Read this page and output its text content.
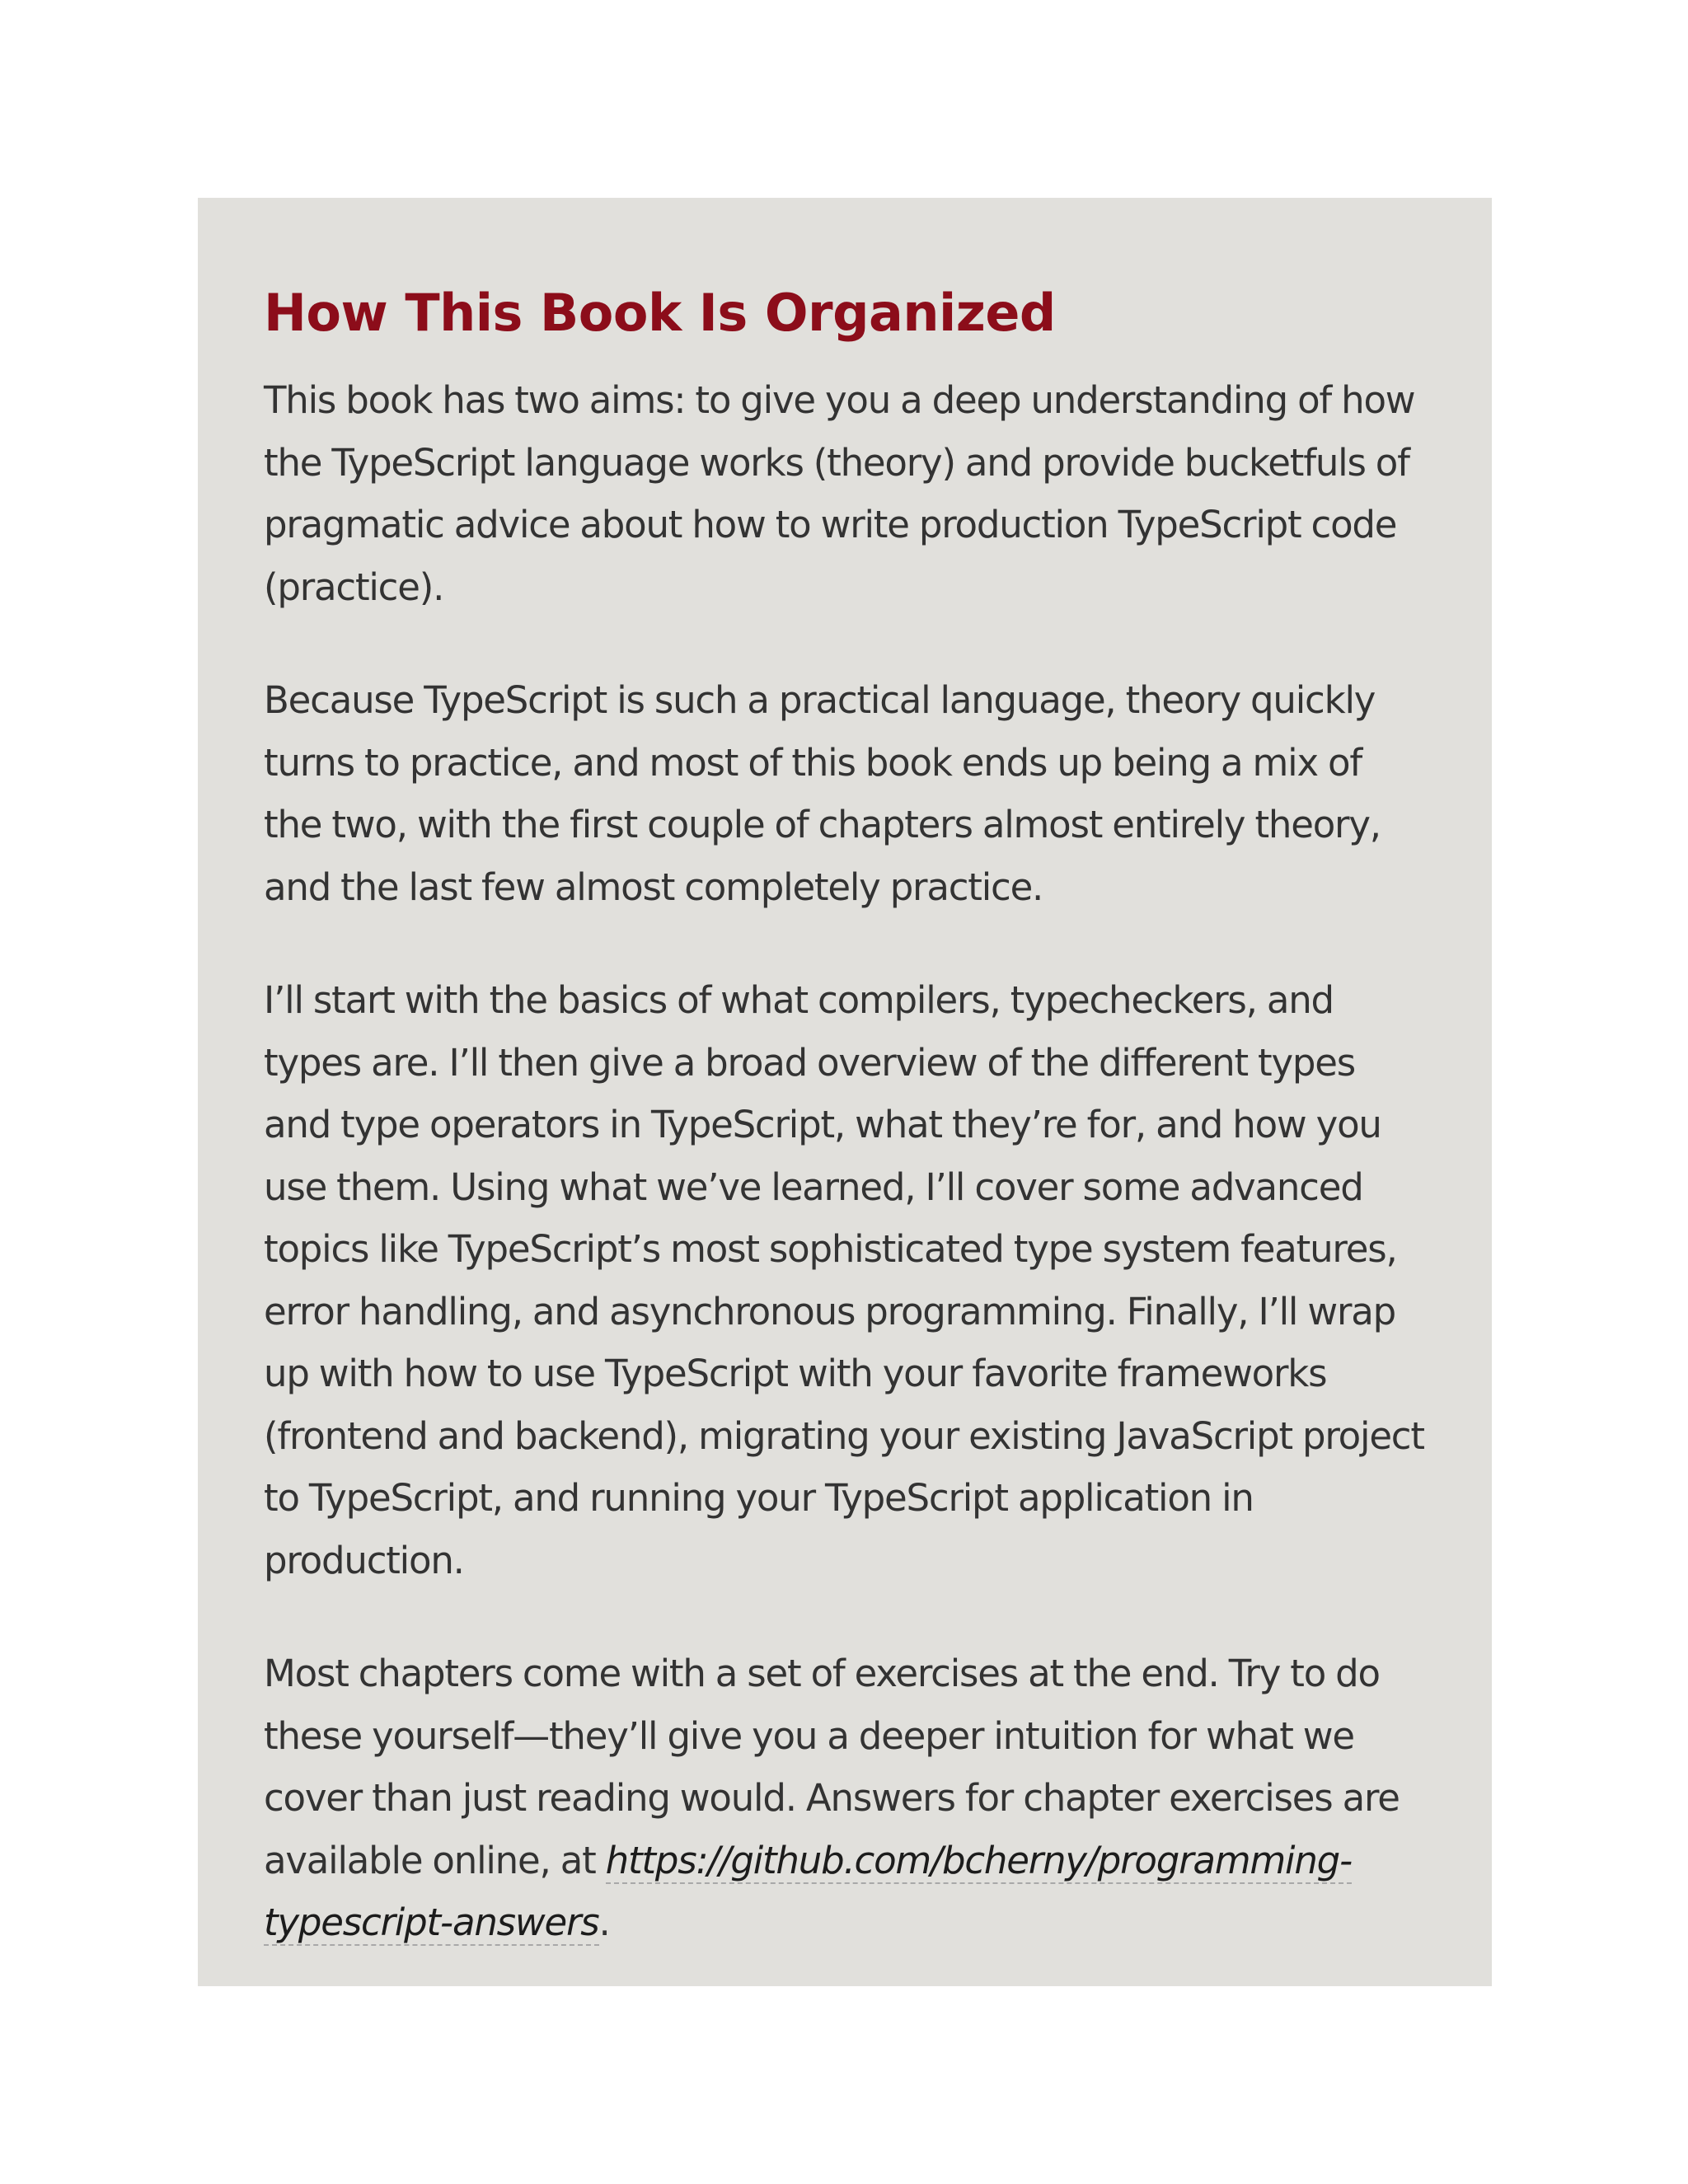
How This Book Is Organized

This book has two aims: to give you a deep understanding of how the TypeScript language works (theory) and provide bucketfuls of pragmatic advice about how to write production TypeScript code (practice).

Because TypeScript is such a practical language, theory quickly turns to practice, and most of this book ends up being a mix of the two, with the first couple of chapters almost entirely theory, and the last few almost completely practice.

I’ll start with the basics of what compilers, typecheckers, and types are. I’ll then give a broad overview of the different types and type operators in TypeScript, what they’re for, and how you use them. Using what we’ve learned, I’ll cover some advanced topics like TypeScript’s most sophisticated type system features, error handling, and asynchronous programming. Finally, I’ll wrap up with how to use TypeScript with your favorite frameworks (frontend and backend), migrating your existing JavaScript project to TypeScript, and running your TypeScript application in production.

Most chapters come with a set of exercises at the end. Try to do these yourself—they’ll give you a deeper intuition for what we cover than just reading would. Answers for chapter exercises are available online, at https://github.com/bcherny/programming-typescript-answers.
